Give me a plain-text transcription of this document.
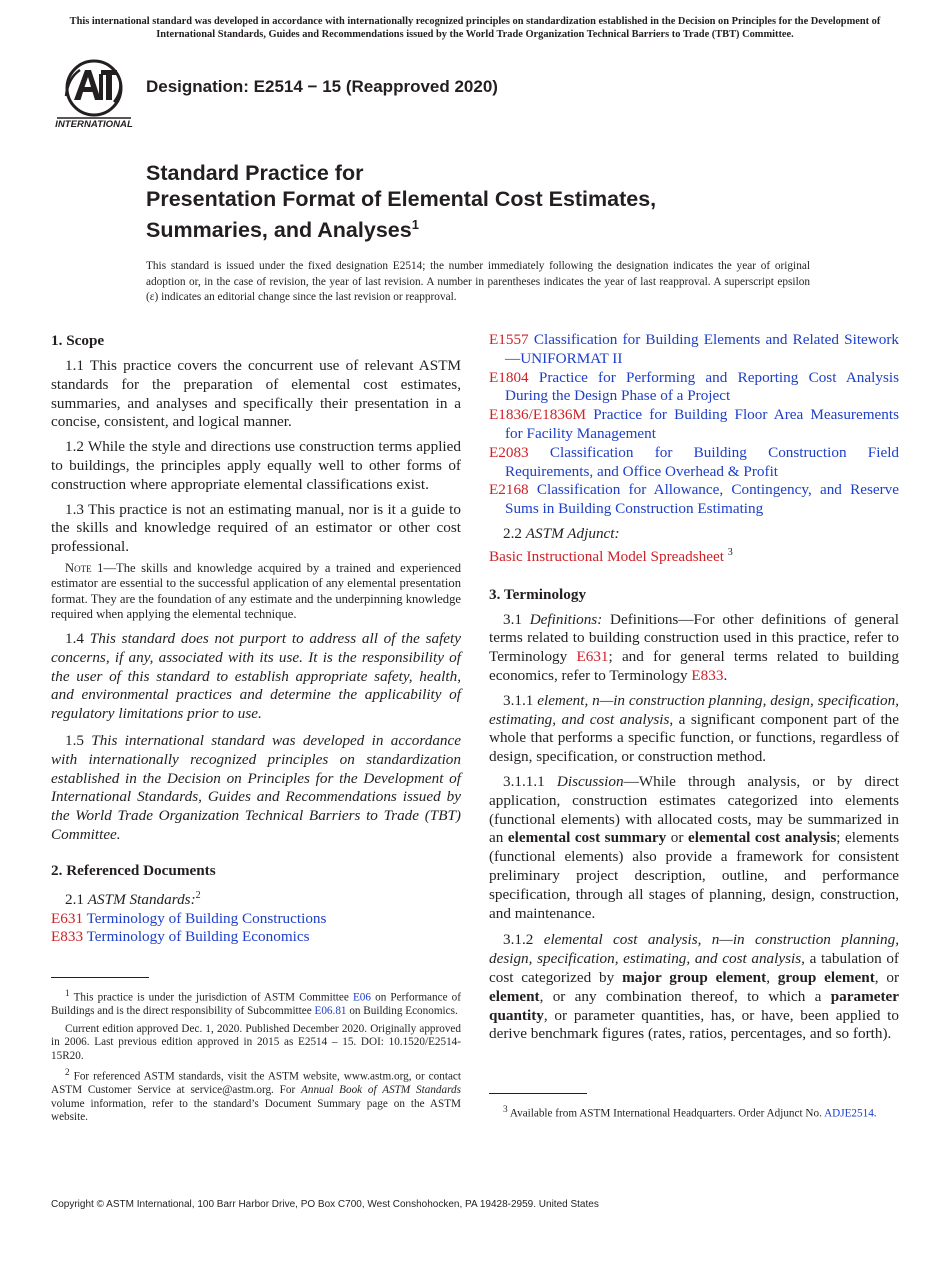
This international standard was developed in accordance with internationally recognized principles on standardization established in the Decision on Principles for the Development of International Standards, Guides and Recommendations issued by the World Trade Organization Technical Barriers to Trade (TBT) Committee.
INTERNATIONAL
Designation: E2514 − 15 (Reapproved 2020)
Standard Practice for
Presentation Format of Elemental Cost Estimates,
Summaries, and Analyses$^1$
This standard is issued under the fixed designation E2514; the number immediately following the designation indicates the year of original adoption or, in the case of revision, the year of last revision. A number in parentheses indicates the year of last reapproval. A superscript epsilon (ε) indicates an editorial change since the last revision or reapproval.
1. Scope

1.1 This practice covers the concurrent use of relevant ASTM standards for the preparation of elemental cost estimates, summaries, and analyses and specifically their presentation in a concise, consistent, and logical manner.

1.2 While the style and directions use construction terms applied to buildings, the principles apply equally well to other forms of construction where appropriate elemental classifications exist.

1.3 This practice is not an estimating manual, nor is it a guide to the skills and knowledge required of an estimator or other cost professional.

Note 1—The skills and knowledge acquired by a trained and experienced estimator are essential to the successful application of any elemental presentation format. They are the foundation of any estimate and the underpinning knowledge required when applying the elemental technique.

1.4 This standard does not purport to address all of the safety concerns, if any, associated with its use. It is the responsibility of the user of this standard to establish appropriate safety, health, and environmental practices and determine the applicability of regulatory limitations prior to use.

1.5 This international standard was developed in accordance with internationally recognized principles on standardization established in the Decision on Principles for the Development of International Standards, Guides and Recommendations issued by the World Trade Organization Technical Barriers to Trade (TBT) Committee.

2. Referenced Documents

2.1 ASTM Standards:$^2$

E631 Terminology of Building Constructions

E833 Terminology of Building Economics

$^1$ This practice is under the jurisdiction of ASTM Committee E06 on Performance of Buildings and is the direct responsibility of Subcommittee E06.81 on Building Economics.

Current edition approved Dec. 1, 2020. Published December 2020. Originally approved in 2006. Last previous edition approved in 2015 as E2514 – 15. DOI: 10.1520/E2514-15R20.

$^2$ For referenced ASTM standards, visit the ASTM website, www.astm.org, or contact ASTM Customer Service at service@astm.org. For Annual Book of ASTM Standards volume information, refer to the standard’s Document Summary page on the ASTM website.

E1557 Classification for Building Elements and Related Sitework—UNIFORMAT II

E1804 Practice for Performing and Reporting Cost Analysis During the Design Phase of a Project

E1836/E1836M Practice for Building Floor Area Measurements for Facility Management

E2083 Classification for Building Construction Field Requirements, and Office Overhead & Profit

E2168 Classification for Allowance, Contingency, and Reserve Sums in Building Construction Estimating

2.2 ASTM Adjunct:

Basic Instructional Model Spreadsheet $^3$

3. Terminology

3.1 Definitions: Definitions—For other definitions of general terms related to building construction used in this practice, refer to Terminology E631; and for general terms related to building economics, refer to Terminology E833.

3.1.1 element, n—in construction planning, design, specification, estimating, and cost analysis, a significant component part of the whole that performs a specific function, or functions, regardless of design, specification, or construction method.

3.1.1.1 Discussion—While through analysis, or by direct application, construction estimates categorized into elements (functional elements) with allocated costs, may be summarized in an elemental cost summary or elemental cost analysis; elements (functional elements) also provide a framework for consistent preliminary project description, outline, and performance specification, through all stages of planning, design, construction, and maintenance.

3.1.2 elemental cost analysis, n—in construction planning, design, specification, estimating, and cost analysis, a tabulation of cost categorized by major group element, group element, or element, or any combination thereof, to which a parameter quantity, or parameter quantities, has, or have, been applied to derive benchmark figures (rates, ratios, percentages, and so forth).

$^3$ Available from ASTM International Headquarters. Order Adjunct No. ADJE2514.

Copyright © ASTM International, 100 Barr Harbor Drive, PO Box C700, West Conshohocken, PA 19428-2959. United States
